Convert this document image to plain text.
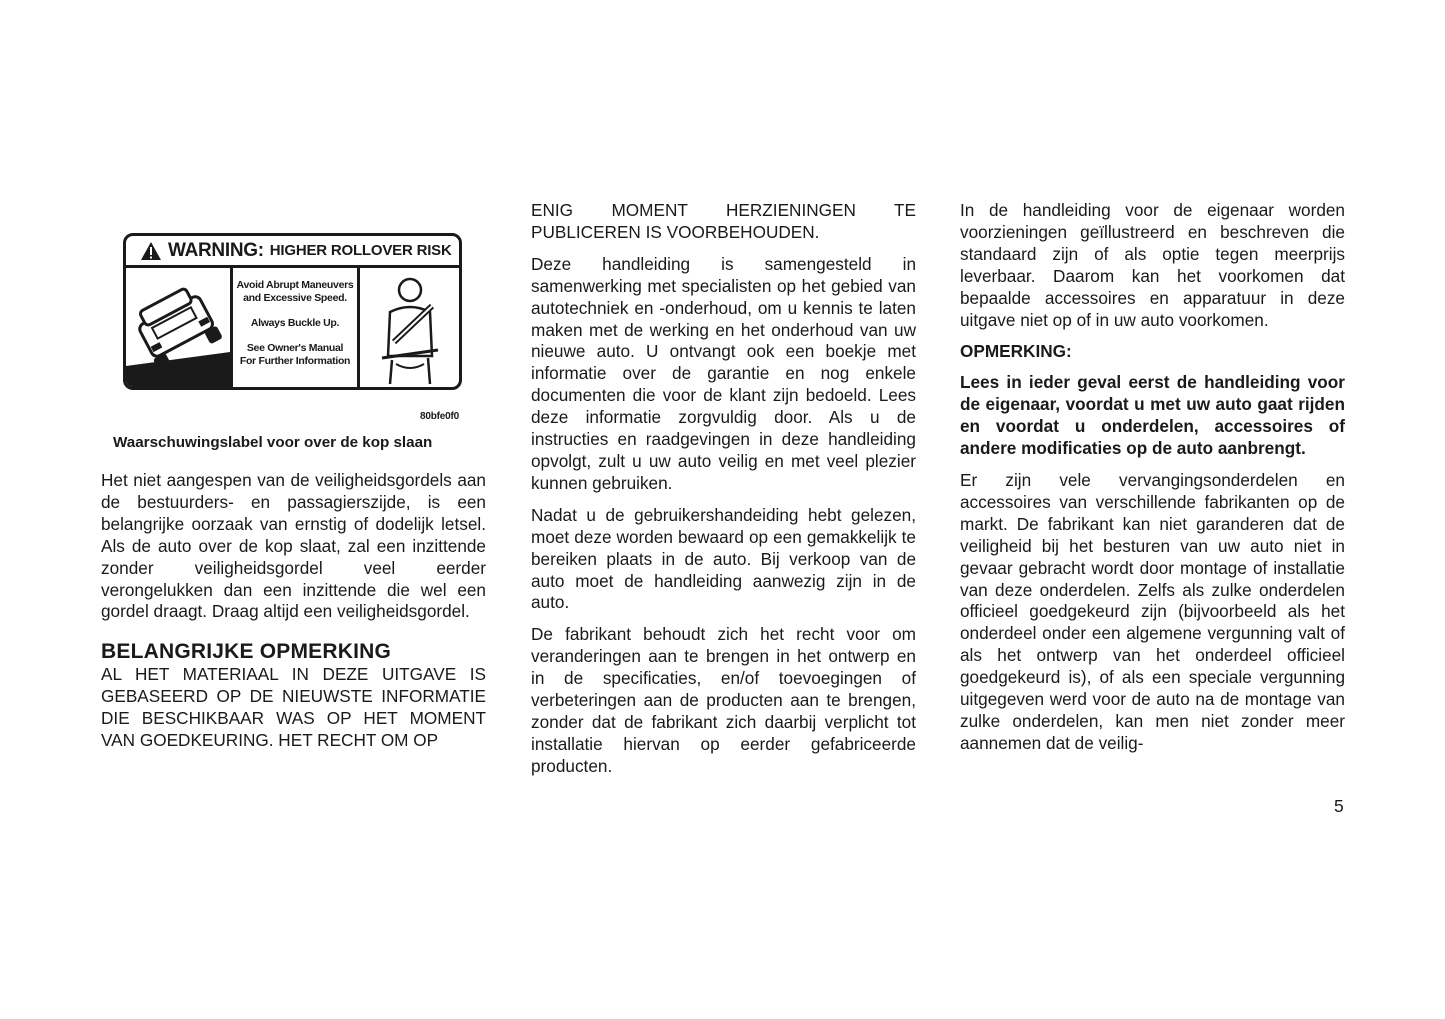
WARNING: HIGHER ROLLOVER RISK
Avoid Abrupt Maneuvers
and Excessive Speed.
Always Buckle Up.
See Owner's Manual
For Further Information
80bfe0f0
Waarschuwingslabel voor over de kop slaan

Het niet aangespen van de veiligheidsgordels aan de bestuurders- en passagierszijde, is een belangrijke oorzaak van ernstig of dodelijk letsel. Als de auto over de kop slaat, zal een inzittende zonder veiligheidsgordel veel eerder verongelukken dan een inzittende die wel een gordel draagt. Draag altijd een veiligheidsgordel.

BELANGRIJKE OPMERKING

AL HET MATERIAAL IN DEZE UITGAVE IS GEBASEERD OP DE NIEUWSTE INFORMATIE DIE BESCHIKBAAR WAS OP HET MOMENT VAN GOEDKEURING. HET RECHT OM OP

ENIG MOMENT HERZIENINGEN TE PUBLICEREN IS VOORBEHOUDEN.

Deze handleiding is samengesteld in samenwerking met specialisten op het gebied van autotechniek en -onderhoud, om u kennis te laten maken met de werking en het onderhoud van uw nieuwe auto. U ontvangt ook een boekje met informatie over de garantie en nog enkele documenten die voor de klant zijn bedoeld. Lees deze informatie zorgvuldig door. Als u de instructies en raadgevingen in deze handleiding opvolgt, zult u uw auto veilig en met veel plezier kunnen gebruiken.

Nadat u de gebruikershandeiding hebt gelezen, moet deze worden bewaard op een gemakkelijk te bereiken plaats in de auto. Bij verkoop van de auto moet de handleiding aanwezig zijn in de auto.

De fabrikant behoudt zich het recht voor om veranderingen aan te brengen in het ontwerp en in de specificaties, en/of toevoegingen of verbeteringen aan de producten aan te brengen, zonder dat de fabrikant zich daarbij verplicht tot installatie hiervan op eerder gefabriceerde producten.

In de handleiding voor de eigenaar worden voorzieningen geïllustreerd en beschreven die standaard zijn of als optie tegen meerprijs leverbaar. Daarom kan het voorkomen dat bepaalde accessoires en apparatuur in deze uitgave niet op of in uw auto voorkomen.

OPMERKING:

Lees in ieder geval eerst de handleiding voor de eigenaar, voordat u met uw auto gaat rijden en voordat u onderdelen, accessoires of andere modificaties op de auto aanbrengt.

Er zijn vele vervangingsonderdelen en accessoires van verschillende fabrikanten op de markt. De fabrikant kan niet garanderen dat de veiligheid bij het besturen van uw auto niet in gevaar gebracht wordt door montage of installatie van deze onderdelen. Zelfs als zulke onderdelen officieel goedgekeurd zijn (bijvoorbeeld als het onderdeel onder een algemene vergunning valt of als het ontwerp van het onderdeel officieel goedgekeurd is), of als een speciale vergunning uitgegeven werd voor de auto na de montage van zulke onderdelen, kan men niet zonder meer aannemen dat de veilig-

5
